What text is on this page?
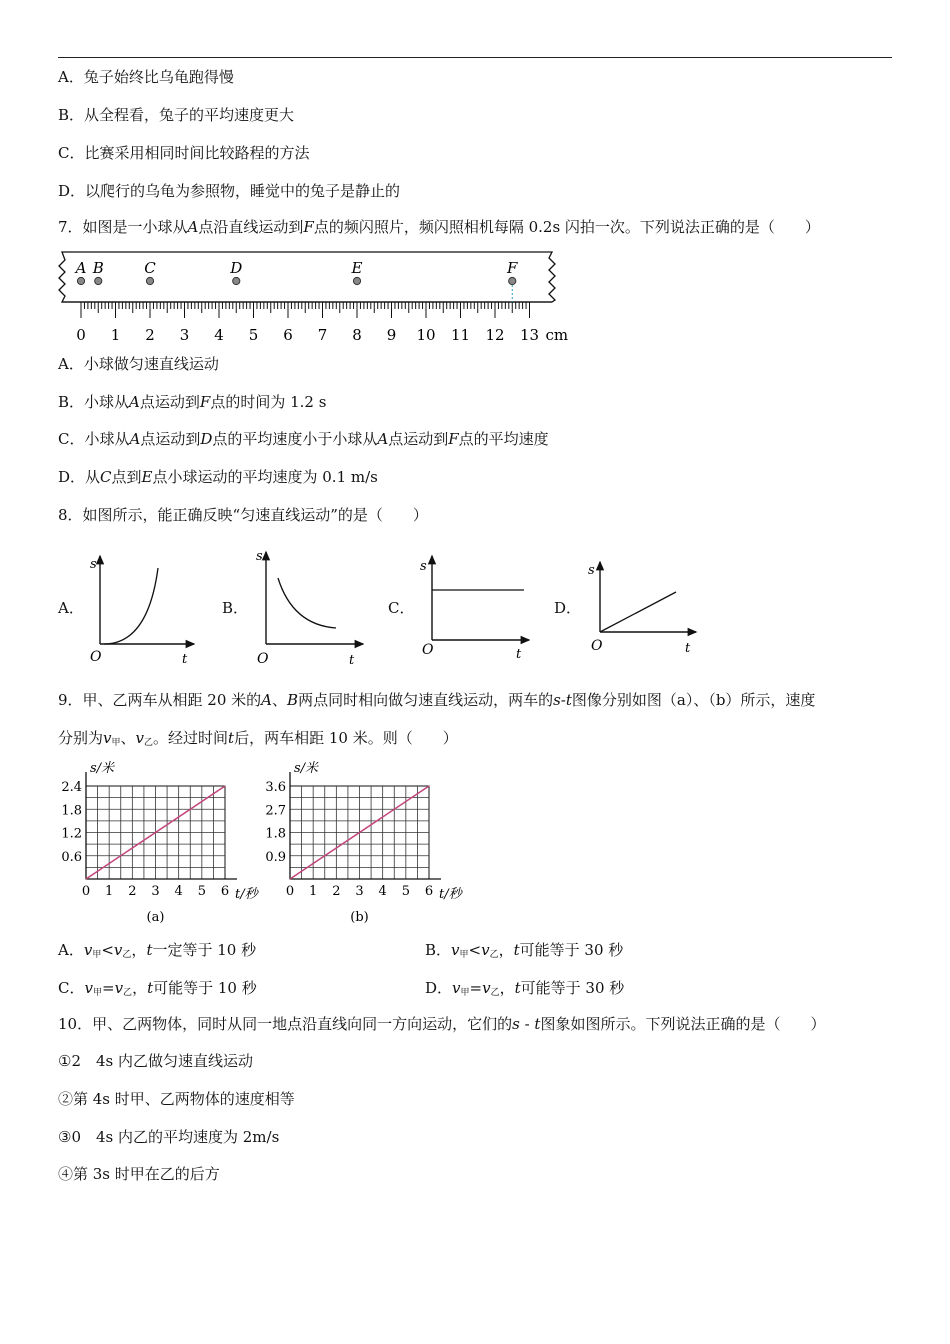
A．兔子始终比乌龟跑得慢
B．从全程看，兔子的平均速度更大
C．比赛采用相同时间比较路程的方法
D．以爬行的乌龟为参照物，睡觉中的兔子是静止的
7．如图是一小球从A点沿直线运动到F点的频闪照片，频闪照相机每隔 0.2s 闪拍一次。下列说法正确的是（ ）
0 1 2 3 4 5 6 7 8 9 10 11 12 13 cm
A B	C	D	E	F
A．小球做匀速直线运动
B．小球从A点运动到F点的时间为 1.2 s
C．小球从A点运动到D点的平均速度小于小球从A点运动到F点的平均速度
D．从C点到E点小球运动的平均速度为 0.1 m/s
8．如图所示，能正确反映“匀速直线运动”的是（ ）
A．	B．	C．	D．
s
t
O
s
t
O
s
t
O
s
t
O
9．甲、乙两车从相距 20 米的A、B两点同时相向做匀速直线运动，两车的s-t图像分别如图（a）、（b）所示，速度
分别为$v_甲$、$v_乙$。经过时间t后，两车相距 10 米。则（ ）
2.4
1.8
1.2
0.6
0 1 2 3 4 5 6
s/米
t/秒
(a)
3.6
2.7
1.8
0.9
0 1 2 3 4 5 6
s/米
t/秒
(b)
A．$v_甲<v_乙$，t一定等于 10 秒	B．$v_甲<v_乙$，t可能等于 30 秒
C．$v_甲=v_乙$，t可能等于 10 秒	D．$v_甲=v_乙$，t可能等于 30 秒
10．甲、乙两物体，同时从同一地点沿直线向同一方向运动，它们的s - t图象如图所示。下列说法正确的是（ ）
①2　4s 内乙做匀速直线运动
②第 4s 时甲、乙两物体的速度相等
③0　4s 内乙的平均速度为 2m/s
④第 3s 时甲在乙的后方
